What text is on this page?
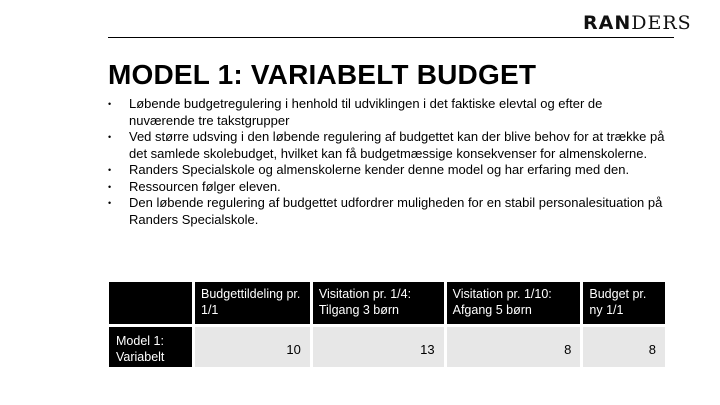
RANDERS
MODEL 1: VARIABELT BUDGET
• Løbende budgetregulering i henhold til udviklingen i det faktiske elevtal og efter de nuværende tre takstgrupper
• Ved større udsving i den løbende regulering af budgettet kan der blive behov for at trække på det samlede skolebudget, hvilket kan få budgetmæssige konsekvenser for almenskolerne.
• Randers Specialskole og almenskolerne kender denne model og har erfaring med den.
• Ressourcen følger eleven.
• Den løbende regulering af budgettet udfordrer muligheden for en stabil personalesituation på Randers Specialskole.
	Budgettildeling pr. 1/1	Visitation pr. 1/4: Tilgang 3 børn	Visitation pr. 1/10: Afgang 5 børn	Budget pr. ny 1/1
Model 1: Variabelt	10	13	8	8
